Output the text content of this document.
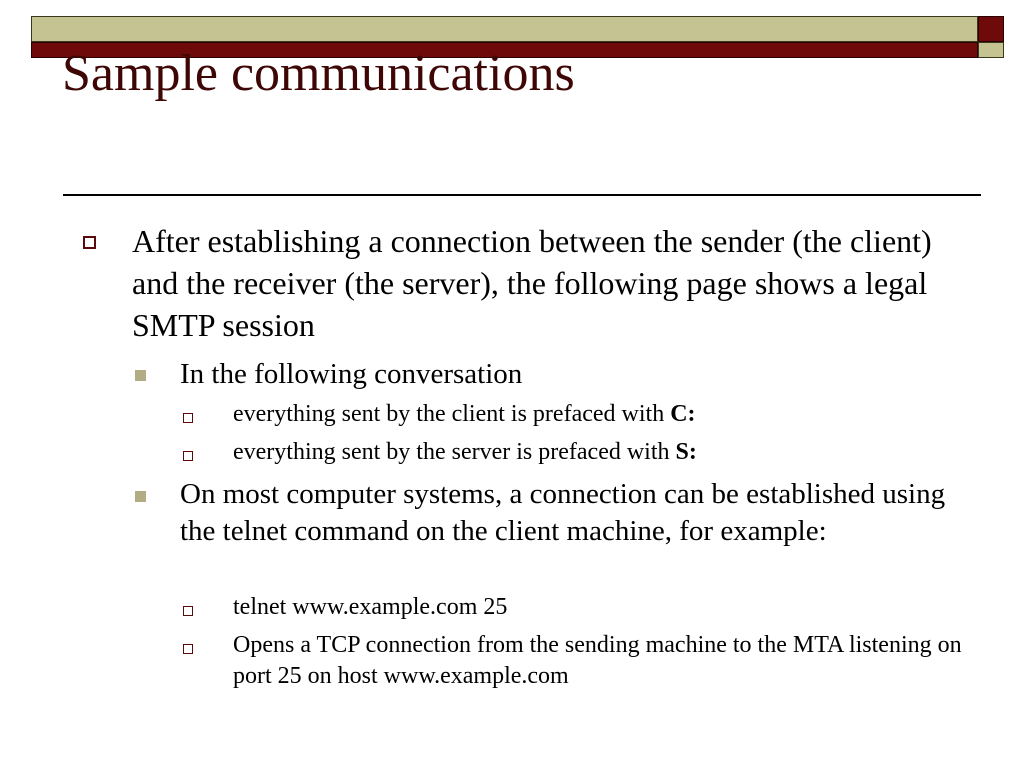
Sample communications
After establishing a connection between the sender (the client) and the receiver (the server), the following page shows a legal SMTP session
In the following conversation
everything sent by the client is prefaced with C:
everything sent by the server is prefaced with S:
On most computer systems, a connection can be established using the telnet command on the client machine, for example:
telnet www.example.com 25
Opens a TCP connection from the sending machine to the MTA listening on port 25 on host www.example.com
